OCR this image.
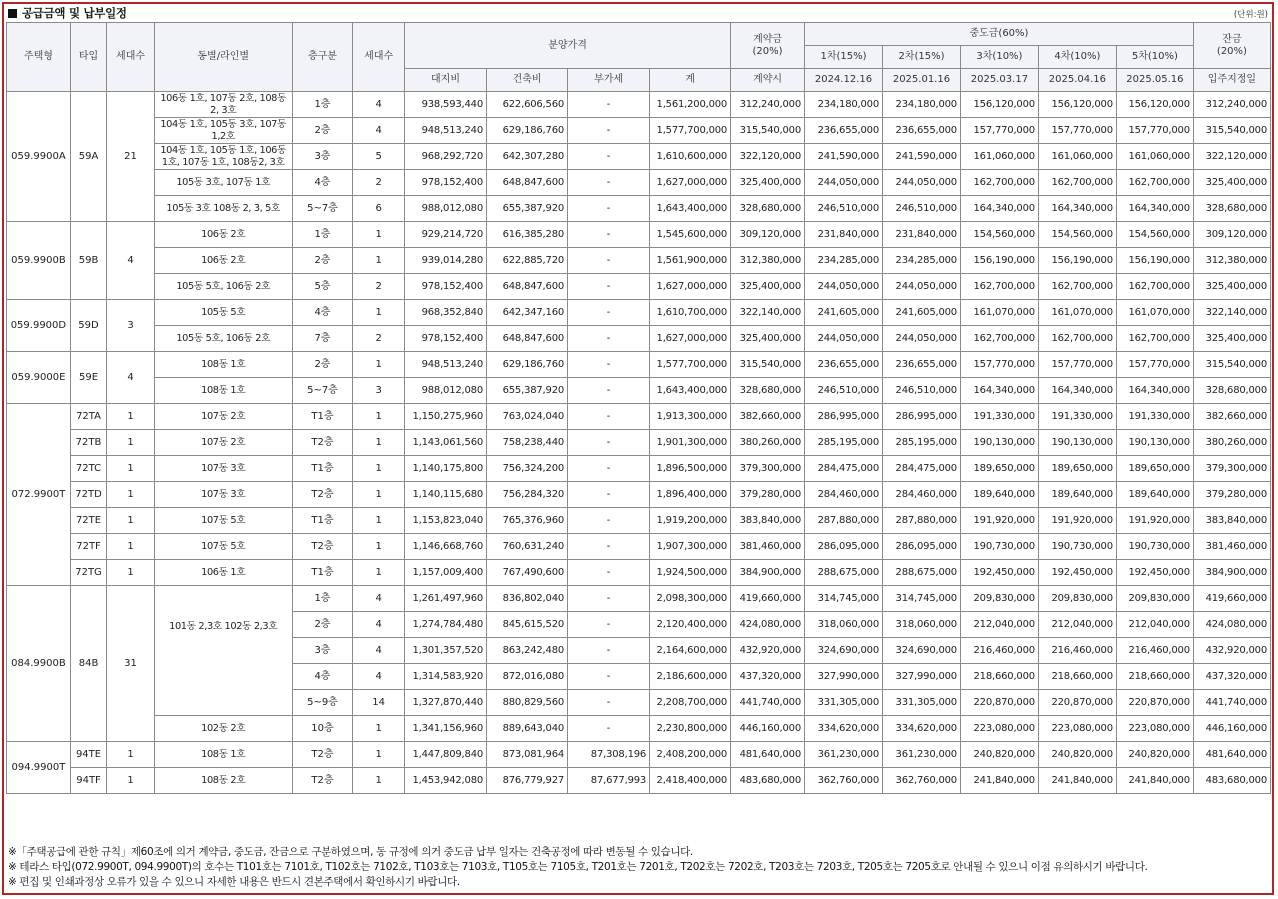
공급금액 및 납부일정	(단위:원)
주택형	타입	세대수	동별/라인별	층구분	세대수	분양가격				계약금
(20%)	중도금(60%)					잔금
(20%)
											1차(15%)	2차(15%)	3차(10%)	4차(10%)	5차(10%)	
						대지비	건축비	부가세	계	계약시	2024.12.16	2025.01.16	2025.03.17	2025.04.16	2025.05.16	입주지정일
059.9900A	59A	21	106동 1호, 107동 2호, 108동 2, 3호	1층	4	938,593,440	622,606,560	-	1,561,200,000	312,240,000	234,180,000	234,180,000	156,120,000	156,120,000	156,120,000	312,240,000
			104동 1호, 105동 3호, 107동 1,2호	2층	4	948,513,240	629,186,760	-	1,577,700,000	315,540,000	236,655,000	236,655,000	157,770,000	157,770,000	157,770,000	315,540,000
			104동 1호, 105동 1호, 106동 1호, 107동 1호, 108동2, 3호	3층	5	968,292,720	642,307,280	-	1,610,600,000	322,120,000	241,590,000	241,590,000	161,060,000	161,060,000	161,060,000	322,120,000
			105동 3호, 107동 1호	4층	2	978,152,400	648,847,600	-	1,627,000,000	325,400,000	244,050,000	244,050,000	162,700,000	162,700,000	162,700,000	325,400,000
			105동 3호 108동 2, 3, 5호	5~7층	6	988,012,080	655,387,920	-	1,643,400,000	328,680,000	246,510,000	246,510,000	164,340,000	164,340,000	164,340,000	328,680,000
059.9900B	59B	4	106동 2호	1층	1	929,214,720	616,385,280	-	1,545,600,000	309,120,000	231,840,000	231,840,000	154,560,000	154,560,000	154,560,000	309,120,000
			106동 2호	2층	1	939,014,280	622,885,720	-	1,561,900,000	312,380,000	234,285,000	234,285,000	156,190,000	156,190,000	156,190,000	312,380,000
			105동 5호, 106동 2호	5층	2	978,152,400	648,847,600	-	1,627,000,000	325,400,000	244,050,000	244,050,000	162,700,000	162,700,000	162,700,000	325,400,000
059.9900D	59D	3	105동 5호	4층	1	968,352,840	642,347,160	-	1,610,700,000	322,140,000	241,605,000	241,605,000	161,070,000	161,070,000	161,070,000	322,140,000
			105동 5호, 106동 2호	7층	2	978,152,400	648,847,600	-	1,627,000,000	325,400,000	244,050,000	244,050,000	162,700,000	162,700,000	162,700,000	325,400,000
059.9000E	59E	4	108동 1호	2층	1	948,513,240	629,186,760	-	1,577,700,000	315,540,000	236,655,000	236,655,000	157,770,000	157,770,000	157,770,000	315,540,000
			108동 1호	5~7층	3	988,012,080	655,387,920	-	1,643,400,000	328,680,000	246,510,000	246,510,000	164,340,000	164,340,000	164,340,000	328,680,000
072.9900T	72TA	1	107동 2호	T1층	1	1,150,275,960	763,024,040	-	1,913,300,000	382,660,000	286,995,000	286,995,000	191,330,000	191,330,000	191,330,000	382,660,000
	72TB	1	107동 2호	T2층	1	1,143,061,560	758,238,440	-	1,901,300,000	380,260,000	285,195,000	285,195,000	190,130,000	190,130,000	190,130,000	380,260,000
	72TC	1	107동 3호	T1층	1	1,140,175,800	756,324,200	-	1,896,500,000	379,300,000	284,475,000	284,475,000	189,650,000	189,650,000	189,650,000	379,300,000
	72TD	1	107동 3호	T2층	1	1,140,115,680	756,284,320	-	1,896,400,000	379,280,000	284,460,000	284,460,000	189,640,000	189,640,000	189,640,000	379,280,000
	72TE	1	107동 5호	T1층	1	1,153,823,040	765,376,960	-	1,919,200,000	383,840,000	287,880,000	287,880,000	191,920,000	191,920,000	191,920,000	383,840,000
	72TF	1	107동 5호	T2층	1	1,146,668,760	760,631,240	-	1,907,300,000	381,460,000	286,095,000	286,095,000	190,730,000	190,730,000	190,730,000	381,460,000
	72TG	1	106동 1호	T1층	1	1,157,009,400	767,490,600	-	1,924,500,000	384,900,000	288,675,000	288,675,000	192,450,000	192,450,000	192,450,000	384,900,000
084.9900B	84B	31	101동 2,3호 102동 2,3호	1층	4	1,261,497,960	836,802,040	-	2,098,300,000	419,660,000	314,745,000	314,745,000	209,830,000	209,830,000	209,830,000	419,660,000
				2층	4	1,274,784,480	845,615,520	-	2,120,400,000	424,080,000	318,060,000	318,060,000	212,040,000	212,040,000	212,040,000	424,080,000
				3층	4	1,301,357,520	863,242,480	-	2,164,600,000	432,920,000	324,690,000	324,690,000	216,460,000	216,460,000	216,460,000	432,920,000
				4층	4	1,314,583,920	872,016,080	-	2,186,600,000	437,320,000	327,990,000	327,990,000	218,660,000	218,660,000	218,660,000	437,320,000
				5~9층	14	1,327,870,440	880,829,560	-	2,208,700,000	441,740,000	331,305,000	331,305,000	220,870,000	220,870,000	220,870,000	441,740,000
			102동 2호	10층	1	1,341,156,960	889,643,040	-	2,230,800,000	446,160,000	334,620,000	334,620,000	223,080,000	223,080,000	223,080,000	446,160,000
094.9900T	94TE	1	108동 1호	T2층	1	1,447,809,840	873,081,964	87,308,196	2,408,200,000	481,640,000	361,230,000	361,230,000	240,820,000	240,820,000	240,820,000	481,640,000
	94TF	1	108동 2호	T2층	1	1,453,942,080	876,779,927	87,677,993	2,418,400,000	483,680,000	362,760,000	362,760,000	241,840,000	241,840,000	241,840,000	483,680,000
※「주택공급에 관한 규칙」제60조에 의거 계약금, 중도금, 잔금으로 구분하였으며, 동 규정에 의거 중도금 납부 일자는 건축공정에 따라 변동될 수 있습니다.
※ 테라스 타입(072.9900T, 094.9900T)의 호수는 T101호는 7101호, T102호는 7102호, T103호는 7103호, T105호는 7105호, T201호는 7201호, T202호는 7202호, T203호는 7203호, T205호는 7205호로 안내될 수 있으니 이점 유의하시기 바랍니다.
※ 편집 및 인쇄과정상 오류가 있을 수 있으니 자세한 내용은 반드시 견본주택에서 확인하시기 바랍니다.
